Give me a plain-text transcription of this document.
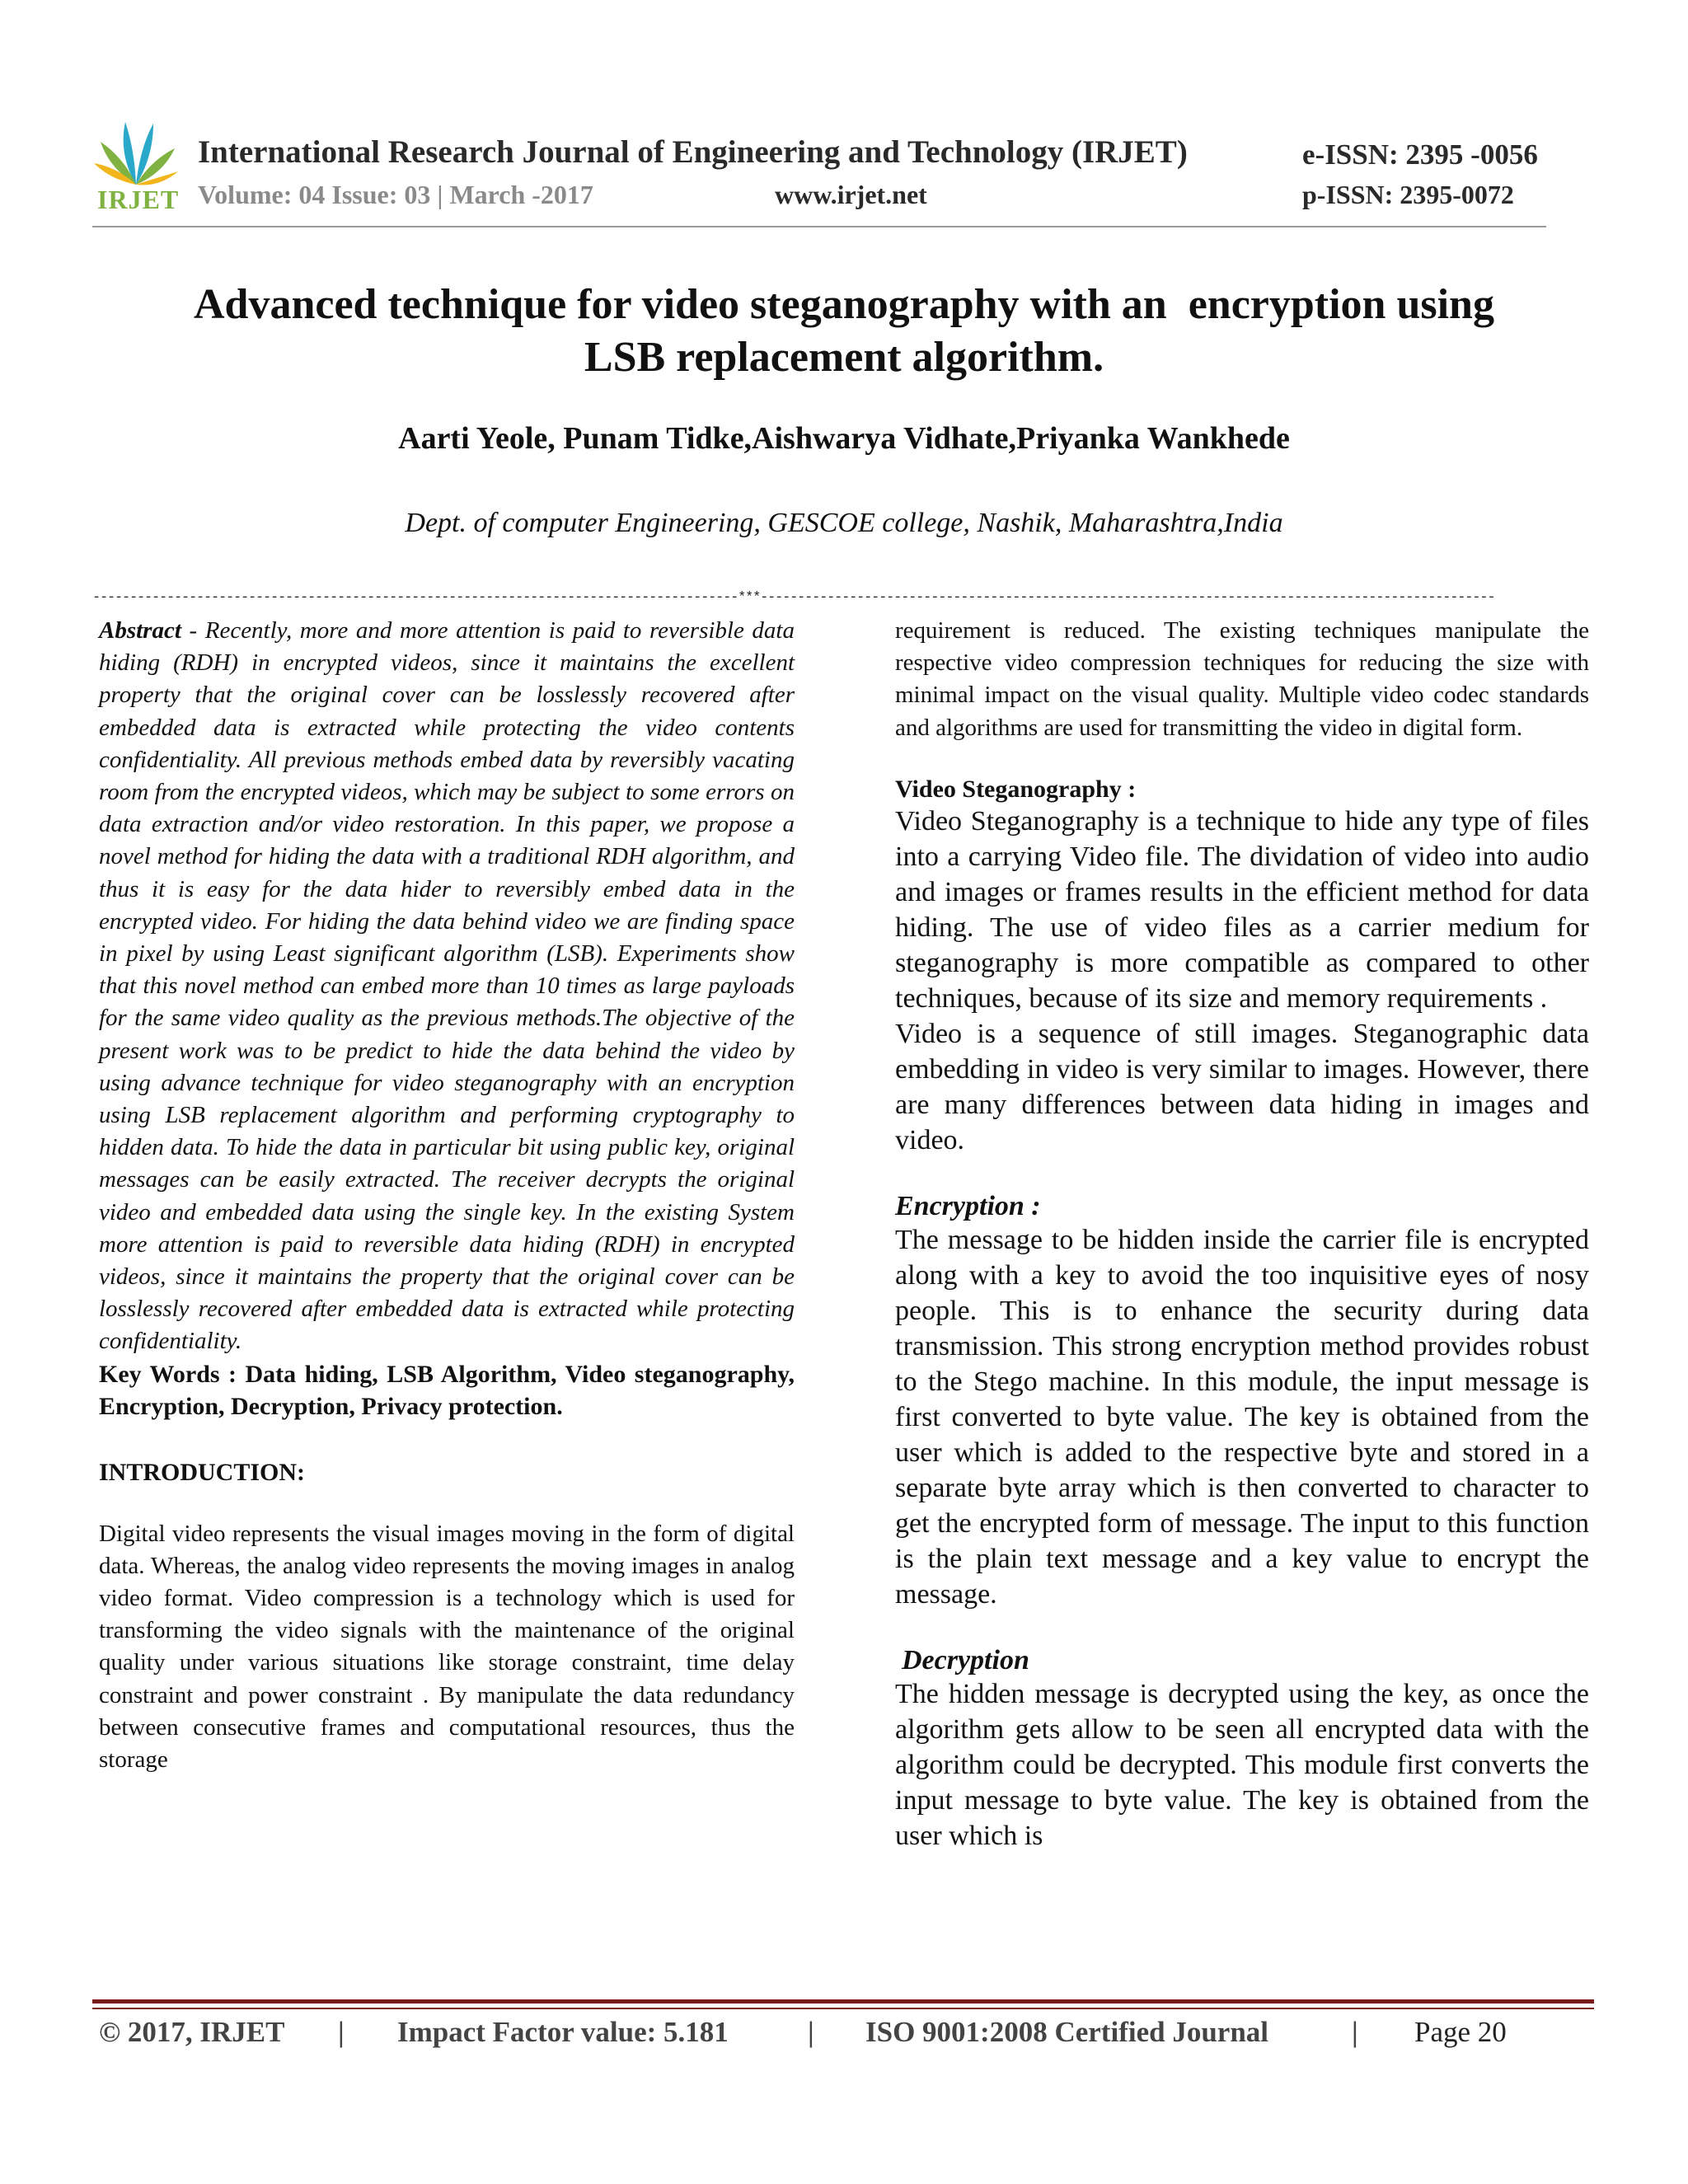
IRJET
International Research Journal of Engineering and Technology (IRJET)	e-ISSN: 2395 -0056
Volume: 04 Issue: 03 | March -2017	www.irjet.net	p-ISSN: 2395-0072
Advanced technique for video steganography with an  encryption using
LSB replacement algorithm.
Aarti Yeole, Punam Tidke,Aishwarya Vidhate,Priyanka Wankhede
Dept. of computer Engineering, GESCOE college, Nashik, Maharashtra,India
---------------------------------------------------------------------------------------***---------------------------------------------------------------------------------------------------

Abstract - Recently, more and more attention is paid to reversible data hiding (RDH) in encrypted videos, since it maintains the excellent property that the original cover can be losslessly recovered after embedded data is extracted while protecting the video contents confidentiality. All previous methods embed data by reversibly vacating room from the encrypted videos, which may be subject to some errors on data extraction and/or video restoration. In this paper, we propose a novel method for hiding the data with a traditional RDH algorithm, and thus it is easy for the data hider to reversibly embed data in the encrypted video. For hiding the data behind video we are finding space in pixel by using Least significant algorithm (LSB). Experiments show that this novel method can embed more than 10 times as large payloads for the same video quality as the previous methods.The objective of the present work was to be predict to hide the data behind the video by using advance technique for video steganography with an encryption using LSB replacement algorithm and performing cryptography to hidden data. To hide the data in particular bit using public key, original messages can be easily extracted. The receiver decrypts the original video and embedded data using the single key. In the existing System more attention is paid to reversible data hiding (RDH) in encrypted videos, since it maintains the property that the original cover can be losslessly recovered after embedded data is extracted while protecting confidentiality.

Key Words : Data hiding, LSB Algorithm, Video steganography, Encryption, Decryption, Privacy protection.

INTRODUCTION:

Digital video represents the visual images moving in the form of digital data. Whereas, the analog video represents the moving images in analog video format. Video compression is a technology which is used for transforming the video signals with the maintenance of the original quality under various situations like storage constraint, time delay constraint and power constraint . By manipulate the data redundancy between consecutive frames and computational resources, thus the storage

requirement is reduced. The existing techniques manipulate the respective video compression techniques for reducing the size with minimal impact on the visual quality. Multiple video codec standards and algorithms are used for transmitting the video in digital form.

Video Steganography :

Video Steganography is a technique to hide any type of files into a carrying Video file. The dividation of video into audio and images or frames results in the efficient method for data hiding. The use of video files as a carrier medium for steganography is more compatible as compared to other techniques, because of its size and memory requirements .

Video is a sequence of still images. Steganographic data embedding in video is very similar to images. However, there are many differences between data hiding in images and video.

Encryption :

The message to be hidden inside the carrier file is encrypted along with a key to avoid the too inquisitive eyes of nosy people. This is to enhance the security during data transmission. This strong encryption method provides robust to the Stego machine. In this module, the input message is first converted to byte value. The key is obtained from the user which is added to the respective byte and stored in a separate byte array which is then converted to character to get the encrypted form of message. The input to this function is the plain text message and a key value to encrypt the message.

Decryption

The hidden message is decrypted using the key, as once the algorithm gets allow to be seen all encrypted data with the algorithm could be decrypted. This module first converts the input message to byte value. The key is obtained from the user which is

© 2017, IRJET | Impact Factor value: 5.181	| ISO 9001:2008 Certified Journal	| Page 20
